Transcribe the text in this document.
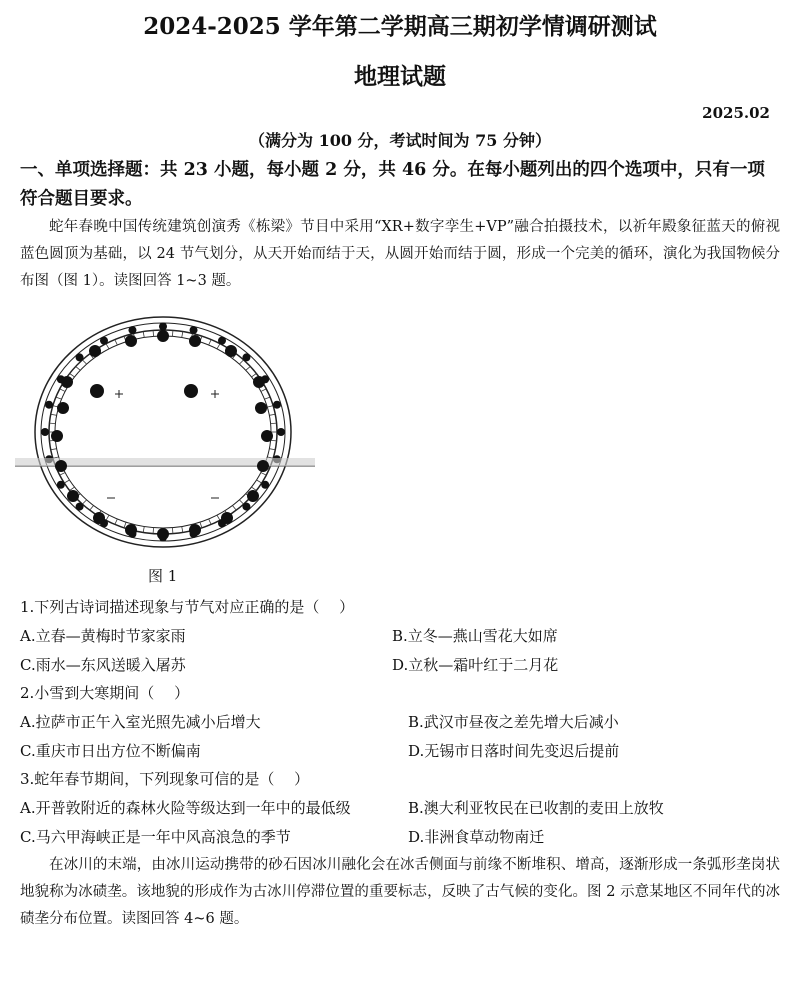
2024-2025 学年第二学期高三期初学情调研测试
地理试题
2025.02
（满分为 100 分，考试时间为 75 分钟）
一、单项选择题：共 23 小题，每小题 2 分，共 46 分。在每小题列出的四个选项中，只有一项符合题目要求。
蛇年春晚中国传统建筑创演秀《栋梁》节目中采用“XR+数字孪生+VP”融合拍摄技术，以祈年殿象征蓝天的俯视蓝色圆顶为基础，以 24 节气划分，从天开始而结于天，从圆开始而结于圆，形成一个完美的循环，演化为我国物候分布图（图 1）。读图回答 1~3 题。
图 1
1.下列古诗词描述现象与节气对应正确的是（　 ）
A.立春—黄梅时节家家雨	B.立冬—燕山雪花大如席
C.雨水—东风送暖入屠苏	D.立秋—霜叶红于二月花
2.小雪到大寒期间（　 ）
A.拉萨市正午入室光照先减小后增大	B.武汉市昼夜之差先增大后减小
C.重庆市日出方位不断偏南	D.无锡市日落时间先变迟后提前
3.蛇年春节期间，下列现象可信的是（　 ）
A.开普敦附近的森林火险等级达到一年中的最低级	B.澳大利亚牧民在已收割的麦田上放牧
C.马六甲海峡正是一年中风高浪急的季节	D.非洲食草动物南迁
在冰川的末端，由冰川运动携带的砂石因冰川融化会在冰舌侧面与前缘不断堆积、增高，逐渐形成一条弧形垄岗状地貌称为冰碛垄。该地貌的形成作为古冰川停滞位置的重要标志，反映了古气候的变化。图 2 示意某地区不同年代的冰碛垄分布位置。读图回答 4~6 题。
